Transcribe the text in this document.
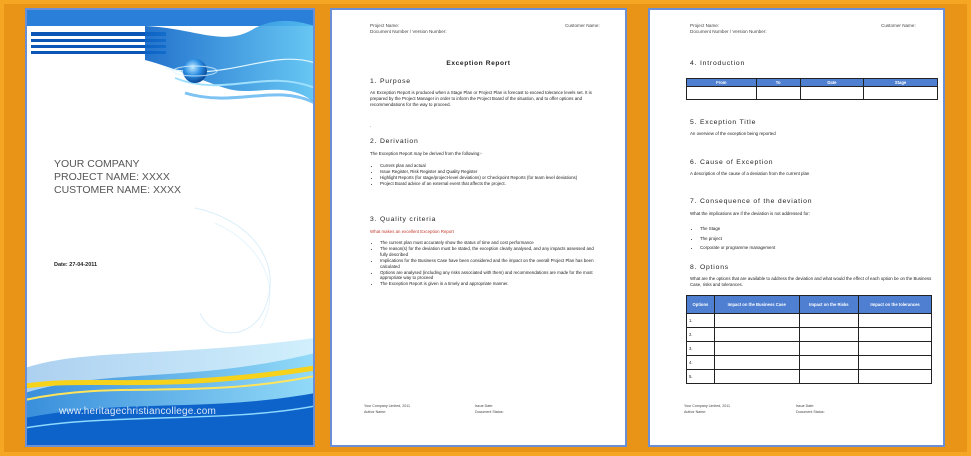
YOUR COMPANY
PROJECT NAME: XXXX
CUSTOMER NAME: XXXX
Date: 27-04-2011
www.heritagechristiancollege.com
Project Name:
Document Number / Version Number:
Customer Name:
Exception Report
1. Purpose
An Exception Report is produced when a Stage Plan or Project Plan is forecast to exceed tolerance levels set. It is prepared by the Project Manager in order to inform the Project Board of the situation, and to offer options and recommendations for the way to proceed.
.
2. Derivation
The Exception Report may be derived from the following:-
• Current plan and actual
• Issue Register, Risk Register and Quality Register
• Highlight Reports (for stage/project-level deviations) or Checkpoint Reports (for team level deviations)
• Project Board advice of an external event that affects the project.
3. Quality criteria
What makes an excellent Exception Report
• The current plan must accurately show the status of time and cost performance
• The reason(s) for the deviation must be stated, the exception clearly analysed, and any impacts assessed and fully described
• Implications for the Business Case have been considered and the impact on the overall Project Plan has been calculated
• Options are analysed (including any risks associated with them) and recommendations are made for the most appropriate way to proceed
• The Exception Report is given in a timely and appropriate manner.
Your Company Limited, 2011
Author Name:
Issue Date:
Document Status:
Project Name:
Document Number / Version Number:
Customer Name:
4. Introduction
From	To	Date	Stage

5. Exception Title
An overview of the exception being reported
6. Cause of Exception
A description of the cause of a deviation from the current plan
7. Consequence of the deviation
What the implications are if the deviation is not addressed for:
• The Stage
• The project
• Corporate or programme management
8. Options
What are the options that are available to address the deviation and what would the effect of each option be on the Business Case, risks and tolerances.
Options	Impact on the Business Case	Impact on the Risks	Impact on the tolerances
1.			
2.			
3.			
4.			
5.			
Your Company Limited, 2011
Author Name:
Issue Date:
Document Status:
